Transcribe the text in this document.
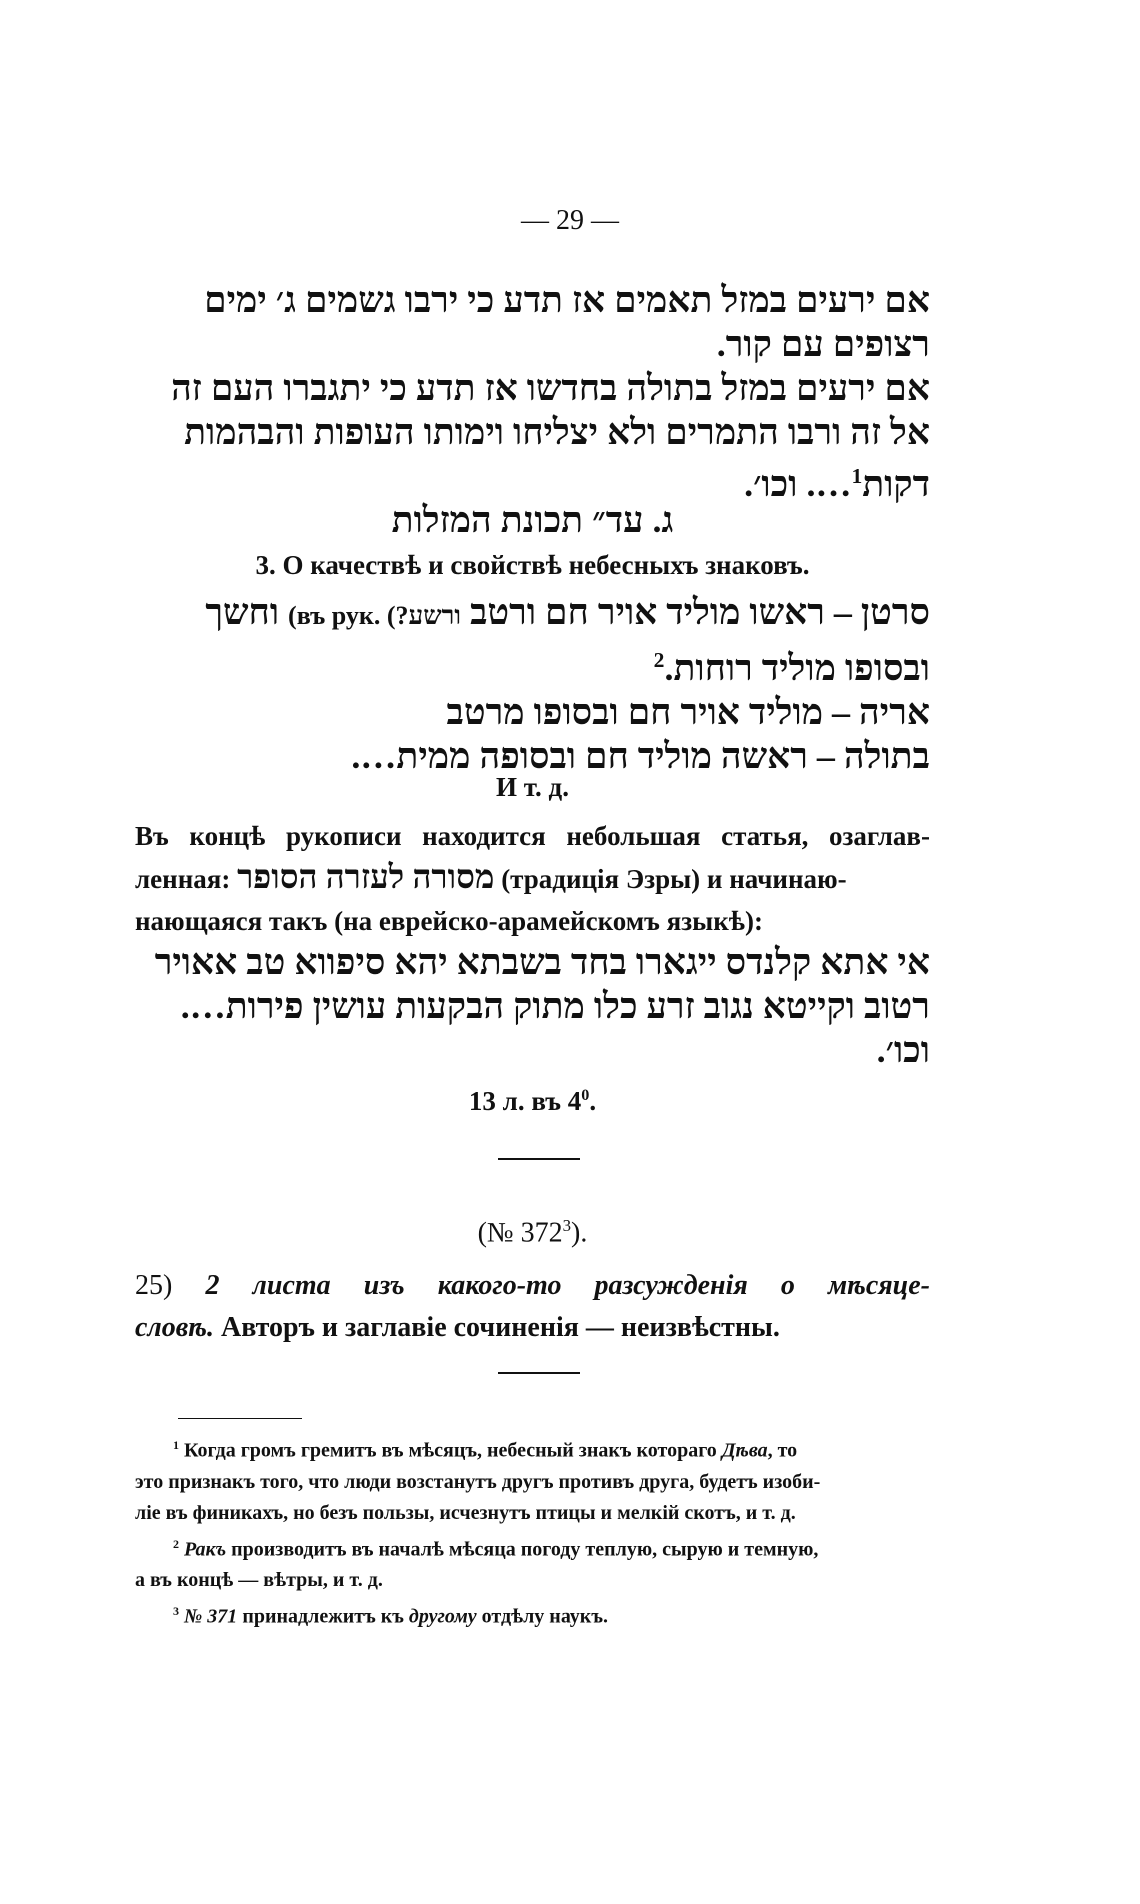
— 29 —
אם ירעים במזל תאמים אז תדע כי ירבו גשמים ג׳ ימים
רצופים עם קור.
אם ירעים במזל בתולה בחדשו אז תדע כי יתגברו העם זה
אל זה ורבו התמרים ולא יצליחו וימותו העופות והבהמות
דקות$^1$…. וכו׳.
ג. עד״ תכונת המזלות
3. О качествѣ и свойствѣ небесныхъ знаковъ.
סרטן – ראשו מוליד אויר חם ורטב (въ рук. ורשע?) וחשך
ובסופו מוליד רוחות.$^2$
אריה – מוליד אויר חם ובסופו מרטב
בתולה – ראשה מוליד חם ובסופה ממית….
И т. д.
Въ концѣ рукописи находится небольшая статья, озаглав-
ленная: מסורה לעזרה הסופר (традиція Эзры) и начинаю-
нающаяся такъ (на еврейско-арамейскомъ языкѣ):
אי אתא קלנדס ייגארו בחד בשבתא יהא סיפווא טב אאויר
רטוב וקייטא נגוב זרע כלו מתוק הבקעות עושין פירות….
וכו׳.
13 л. въ $4^0$.
(№ $372^3$).
25) 2 листа изъ какого-то разсужденія о мѣсяце-
словѣ. Авторъ и заглавіе сочиненія — неизвѣстны.
$^1$ Когда громъ гремитъ въ мѣсяцъ, небесный знакъ котораго Дѣва, то
это признакъ того, что люди возстанутъ другъ противъ друга, будетъ изоби-
ліе въ финикахъ, но безъ пользы, исчезнутъ птицы и мелкій скотъ, и т. д.
$^2$ Ракъ производитъ въ началѣ мѣсяца погоду теплую, сырую и темную,
а въ концѣ — вѣтры, и т. д.
$^3$ № 371 принадлежитъ къ другому отдѣлу наукъ.
